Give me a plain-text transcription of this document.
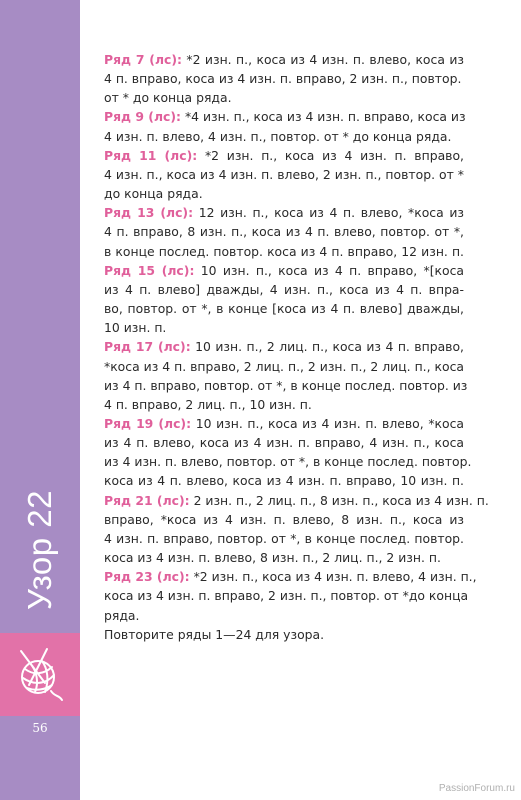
Узор 22
56
Ряд 7 (лс): *2 изн. п., коса из 4 изн. п. влево, коса из
4 п. вправо, коса из 4 изн. п. вправо, 2 изн. п., повтор.
от * до конца ряда.
Ряд 9 (лс): *4 изн. п., коса из 4 изн. п. вправо, коса из
4 изн. п. влево, 4 изн. п., повтор. от * до конца ряда.
Ряд 11 (лс): *2 изн. п., коса из 4 изн. п. вправо,
4 изн. п., коса из 4 изн. п. влево, 2 изн. п., повтор. от *
до конца ряда.
Ряд 13 (лс): 12 изн. п., коса из 4 п. влево, *коса из
4 п. вправо, 8 изн. п., коса из 4 п. влево, повтор. от *,
в конце послед. повтор. коса из 4 п. вправо, 12 изн. п.
Ряд 15 (лс): 10 изн. п., коса из 4 п. вправо, *[коса
из 4 п. влево] дважды, 4 изн. п., коса из 4 п. впра-
во, повтор. от *, в конце [коса из 4 п. влево] дважды,
10 изн. п.
Ряд 17 (лс): 10 изн. п., 2 лиц. п., коса из 4 п. вправо,
*коса из 4 п. вправо, 2 лиц. п., 2 изн. п., 2 лиц. п., коса
из 4 п. вправо, повтор. от *, в конце послед. повтор. из
4 п. вправо, 2 лиц. п., 10 изн. п.
Ряд 19 (лс): 10 изн. п., коса из 4 изн. п. влево, *коса
из 4 п. влево, коса из 4 изн. п. вправо, 4 изн. п., коса
из 4 изн. п. влево, повтор. от *, в конце послед. повтор.
коса из 4 п. влево, коса из 4 изн. п. вправо, 10 изн. п.
Ряд 21 (лс): 2 изн. п., 2 лиц. п., 8 изн. п., коса из 4 изн. п.
вправо, *коса из 4 изн. п. влево, 8 изн. п., коса из
4 изн. п. вправо, повтор. от *, в конце послед. повтор.
коса из 4 изн. п. влево, 8 изн. п., 2 лиц. п., 2 изн. п.
Ряд 23 (лс): *2 изн. п., коса из 4 изн. п. влево, 4 изн. п.,
коса из 4 изн. п. вправо, 2 изн. п., повтор. от *до конца
ряда.
Повторите ряды 1—24 для узора.
PassionForum.ru
